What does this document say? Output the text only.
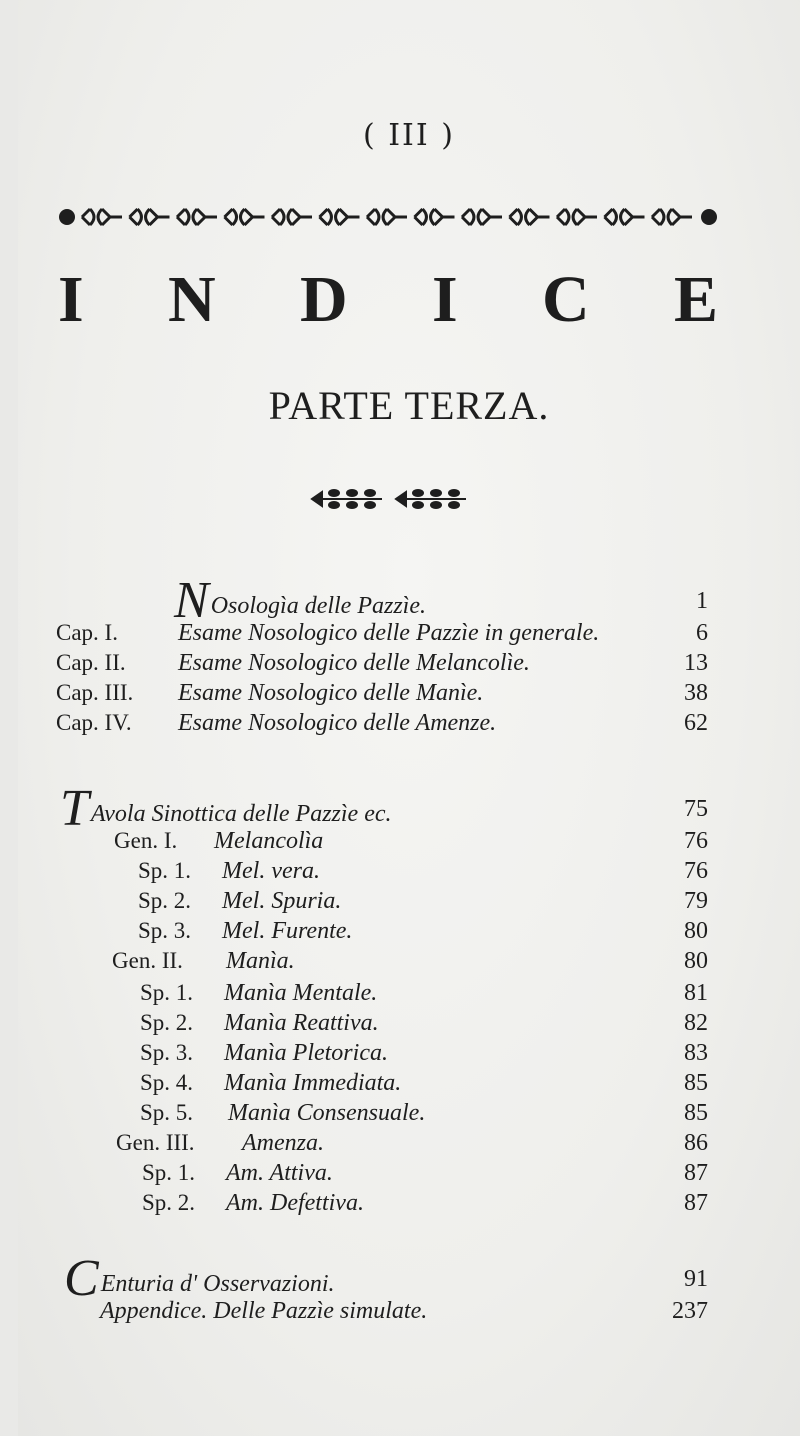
( III )
I N D I C E
PARTE TERZA.
NOsologìa delle Pazzìe.	1
Cap. I.	Esame Nosologico delle Pazzìe in generale.	6
Cap. II. Esame Nosologico delle Melancolìe.	13
Cap. III. Esame Nosologico delle Manìe.	38
Cap. IV. Esame Nosologico delle Amenze.	62
TAvola Sinottica delle Pazzìe ec.	75
Gen. I. Melancolìa	76
Sp. 1. Mel. vera.	76
Sp. 2. Mel. Spuria.	79
Sp. 3. Mel. Furente.	80
Gen. II. Manìa.	80
Sp. 1. Manìa Mentale.	81
Sp. 2. Manìa Reattiva.	82
Sp. 3. Manìa Pletorica.	83
Sp. 4. Manìa Immediata.	85
Sp. 5. Manìa Consensuale.	85
Gen. III. Amenza.	86
Sp. 1. Am. Attiva.	87
Sp. 2. Am. Defettiva.	87
CEnturia d' Osservazioni.	91
Appendice. Delle Pazzìe simulate.	237
